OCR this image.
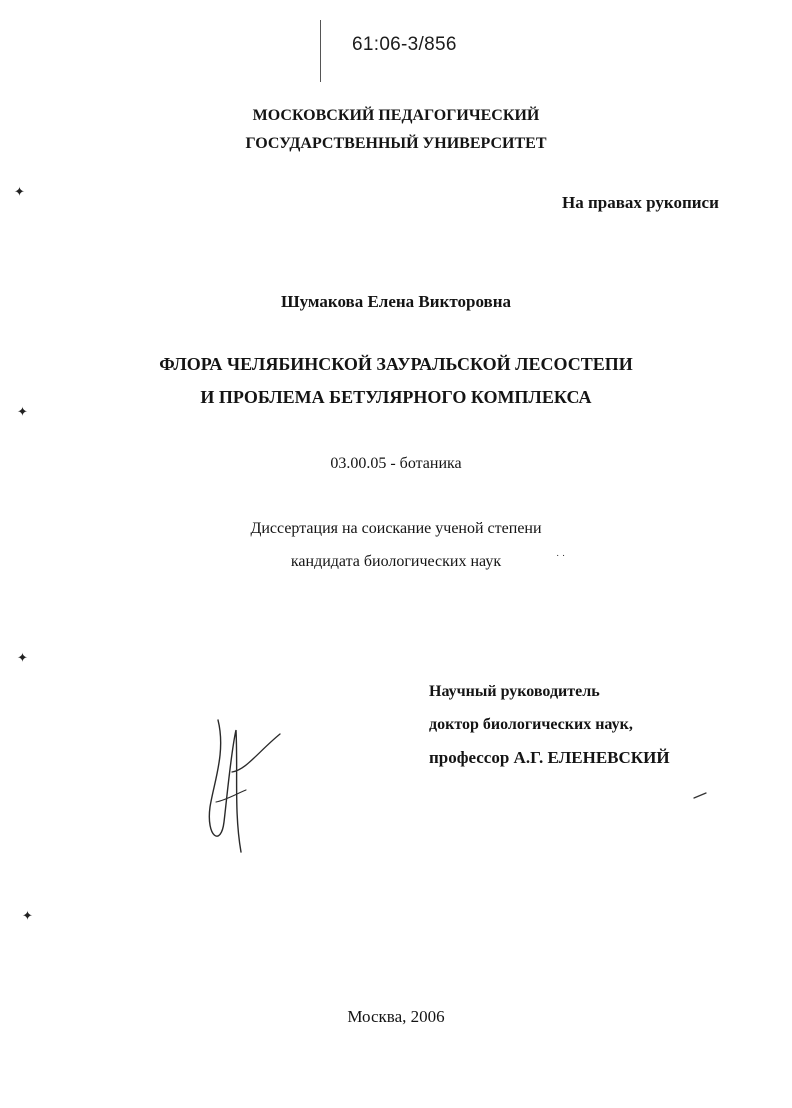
61:06-3/856
МОСКОВСКИЙ ПЕДАГОГИЧЕСКИЙ
ГОСУДАРСТВЕННЫЙ УНИВЕРСИТЕТ
На правах рукописи
Шумакова Елена Викторовна
ФЛОРА ЧЕЛЯБИНСКОЙ ЗАУРАЛЬСКОЙ ЛЕСОСТЕПИ
И ПРОБЛЕМА БЕТУЛЯРНОГО КОМПЛЕКСА
03.00.05 - ботаника
Диссертация на соискание ученой степени
кандидата биологических наук
Научный руководитель
доктор биологических наук,
профессор А.Г. ЕЛЕНЕВСКИЙ
Москва, 2006
✦
✦
✦
✦
˙ ˙
